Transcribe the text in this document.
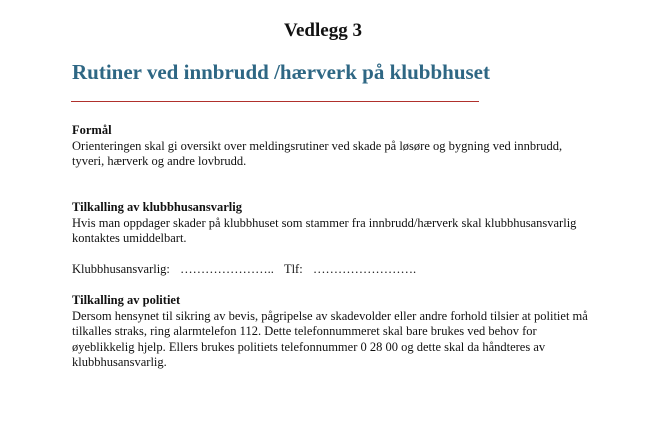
Vedlegg 3
Rutiner ved innbrudd /hærverk på klubbhuset
Formål
Orienteringen skal gi oversikt over meldingsrutiner ved skade på løsøre og bygning ved innbrudd, tyveri, hærverk og andre lovbrudd.
Tilkalling av klubbhusansvarlig
Hvis man oppdager skader på klubbhuset som stammer fra innbrudd/hærverk skal klubbhusansvarlig kontaktes umiddelbart.
Klubbhusansvarlig: ………………….. Tlf: …………………….
Tilkalling av politiet
Dersom hensynet til sikring av bevis, pågripelse av skadevolder eller andre forhold tilsier at politiet må tilkalles straks, ring alarmtelefon 112. Dette telefonnummeret skal bare brukes ved behov for øyeblikkelig hjelp. Ellers brukes politiets telefonnummer 0 28 00 og dette skal da håndteres av klubbhusansvarlig.
